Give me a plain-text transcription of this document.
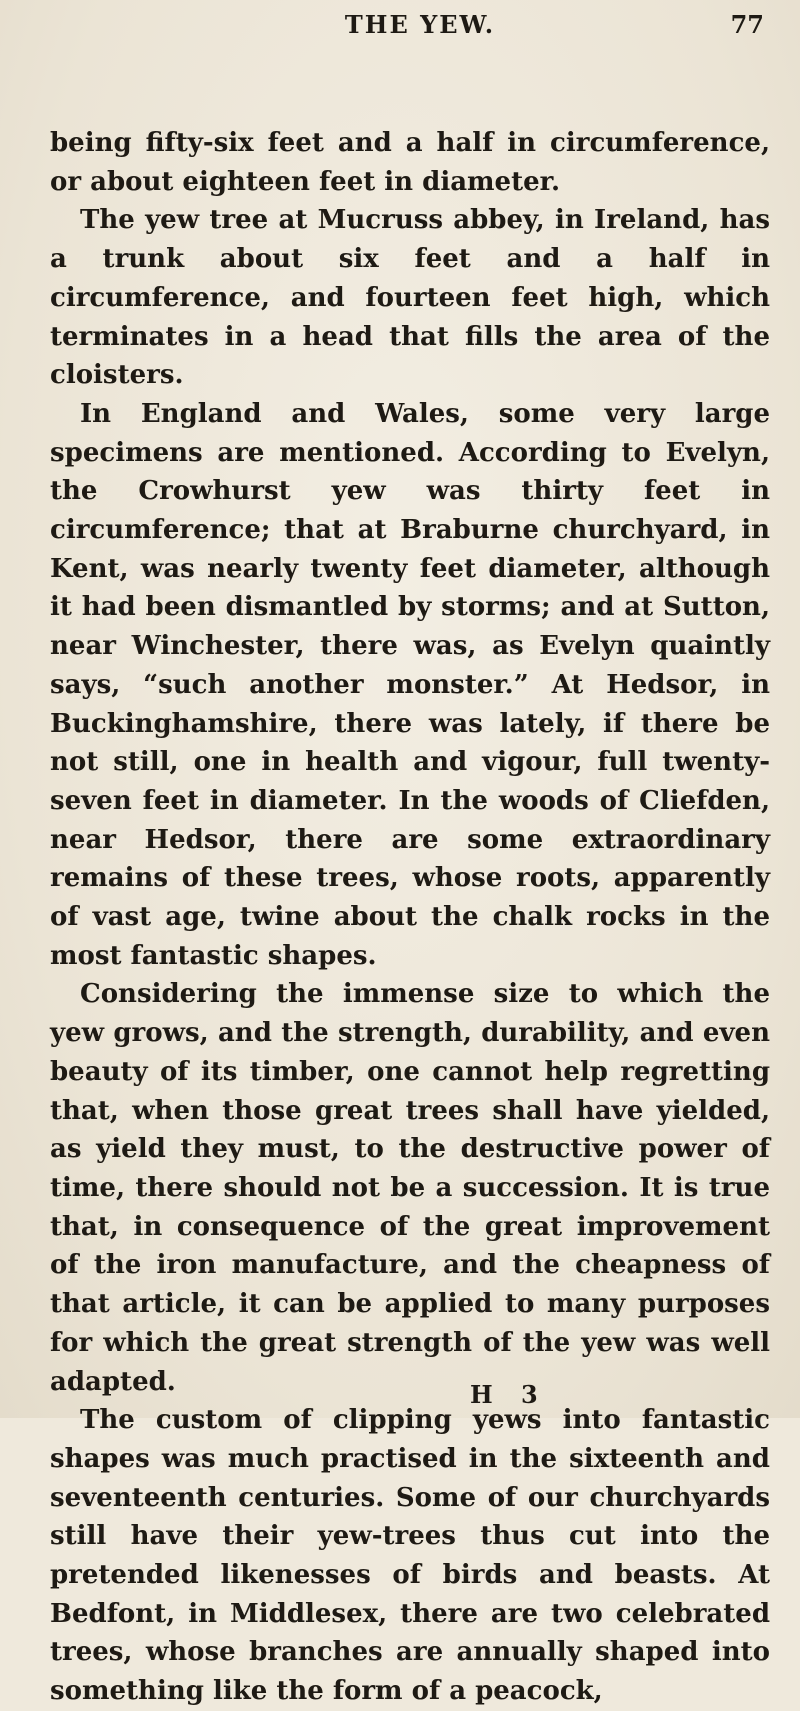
THE YEW.	77

being fifty-six feet and a half in circumference, or about eighteen feet in diameter.

The yew tree at Mucruss abbey, in Ireland, has a trunk about six feet and a half in circumference, and fourteen feet high, which terminates in a head that fills the area of the cloisters.

In England and Wales, some very large specimens are mentioned. According to Evelyn, the Crowhurst yew was thirty feet in circumference; that at Braburne churchyard, in Kent, was nearly twenty feet diameter, although it had been dismantled by storms; and at Sutton, near Winchester, there was, as Evelyn quaintly says, “such another monster.” At Hedsor, in Buckinghamshire, there was lately, if there be not still, one in health and vigour, full twenty-seven feet in diameter. In the woods of Cliefden, near Hedsor, there are some extraordinary remains of these trees, whose roots, apparently of vast age, twine about the chalk rocks in the most fantastic shapes.

Considering the immense size to which the yew grows, and the strength, durability, and even beauty of its timber, one cannot help regretting that, when those great trees shall have yielded, as yield they must, to the destructive power of time, there should not be a succession. It is true that, in consequence of the great improvement of the iron manufacture, and the cheapness of that article, it can be applied to many purposes for which the great strength of the yew was well adapted.

The custom of clipping yews into fantastic shapes was much practised in the sixteenth and seventeenth centuries. Some of our churchyards still have their yew-trees thus cut into the pretended likenesses of birds and beasts. At Bedfont, in Middlesex, there are two celebrated trees, whose branches are annually shaped into something like the form of a peacock,

H 3
